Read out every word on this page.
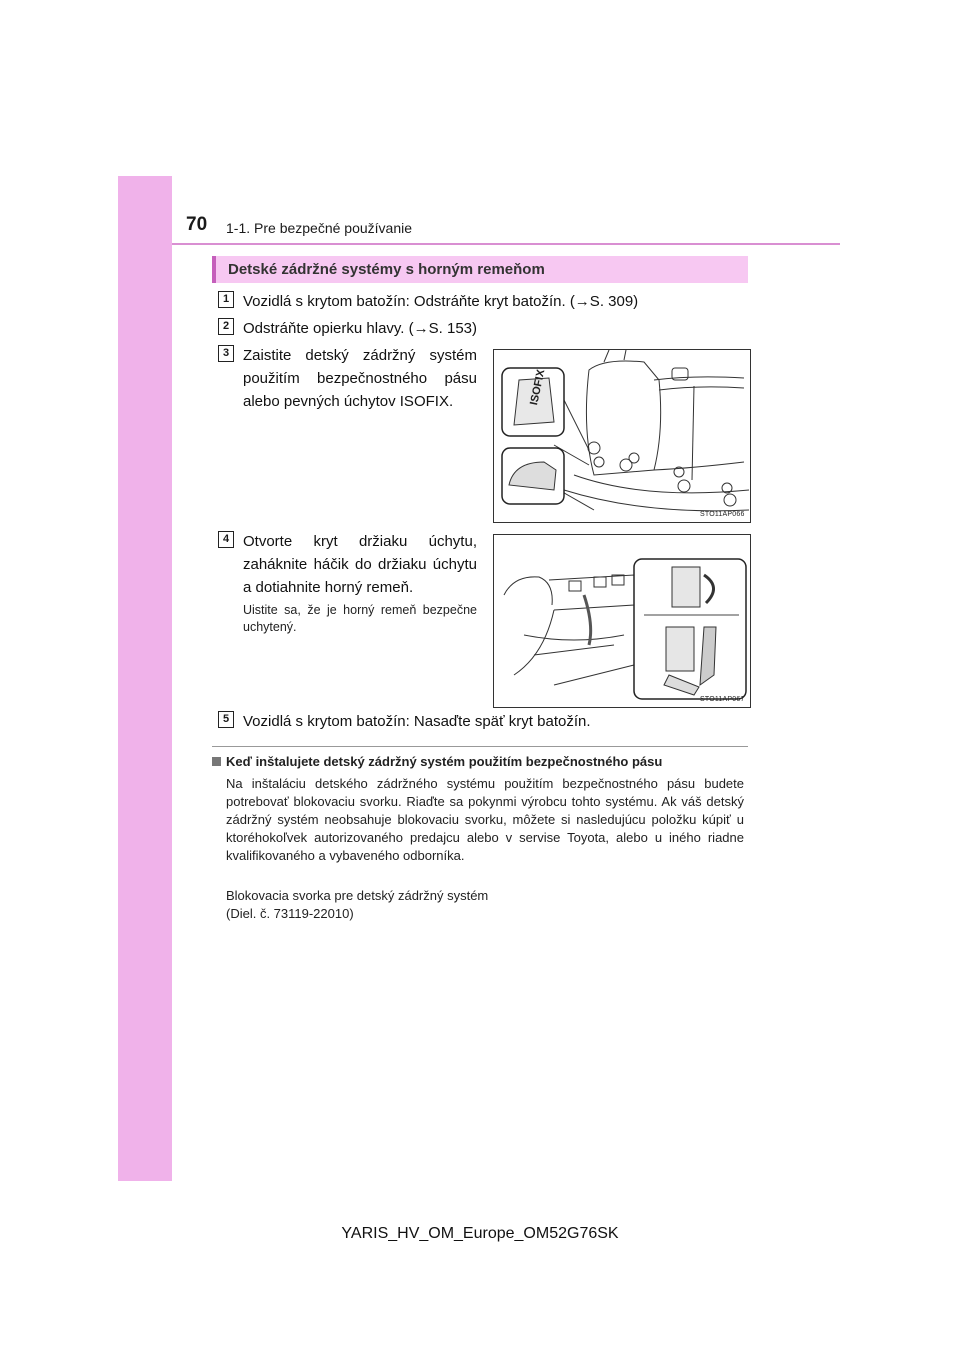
70 1-1. Pre bezpečné používanie
Detské zádržné systémy s horným remeňom
1 Vozidlá s krytom batožín: Odstráňte kryt batožín. (→S. 309)
2 Odstráňte opierku hlavy. (→S. 153)
3 Zaistite detský zádržný systém použitím bezpečnostného pásu alebo pevných úchytov ISOFIX.	ISOFIX
STO11AP066
4 Otvorte kryt držiaku úchytu, zaháknite háčik do držiaku úchytu a dotiahnite horný remeň.
Uistite sa, že je horný remeň bezpečne uchytený.
STO11AP067
5 Vozidlá s krytom batožín: Nasaďte späť kryt batožín.
Keď inštalujete detský zádržný systém použitím bezpečnostného pásu
Na inštaláciu detského zádržného systému použitím bezpečnostného pásu budete potrebovať blokovaciu svorku. Riaďte sa pokynmi výrobcu tohto systému. Ak váš detský zádržný systém neobsahuje blokovaciu svorku, môžete si nasledujúcu položku kúpiť u ktoréhokoľvek autorizovaného predajcu alebo v servise Toyota, alebo u iného riadne kvalifikovaného a vybaveného odborníka.
Blokovacia svorka pre detský zádržný systém
(Diel. č. 73119-22010)
YARIS_HV_OM_Europe_OM52G76SK
